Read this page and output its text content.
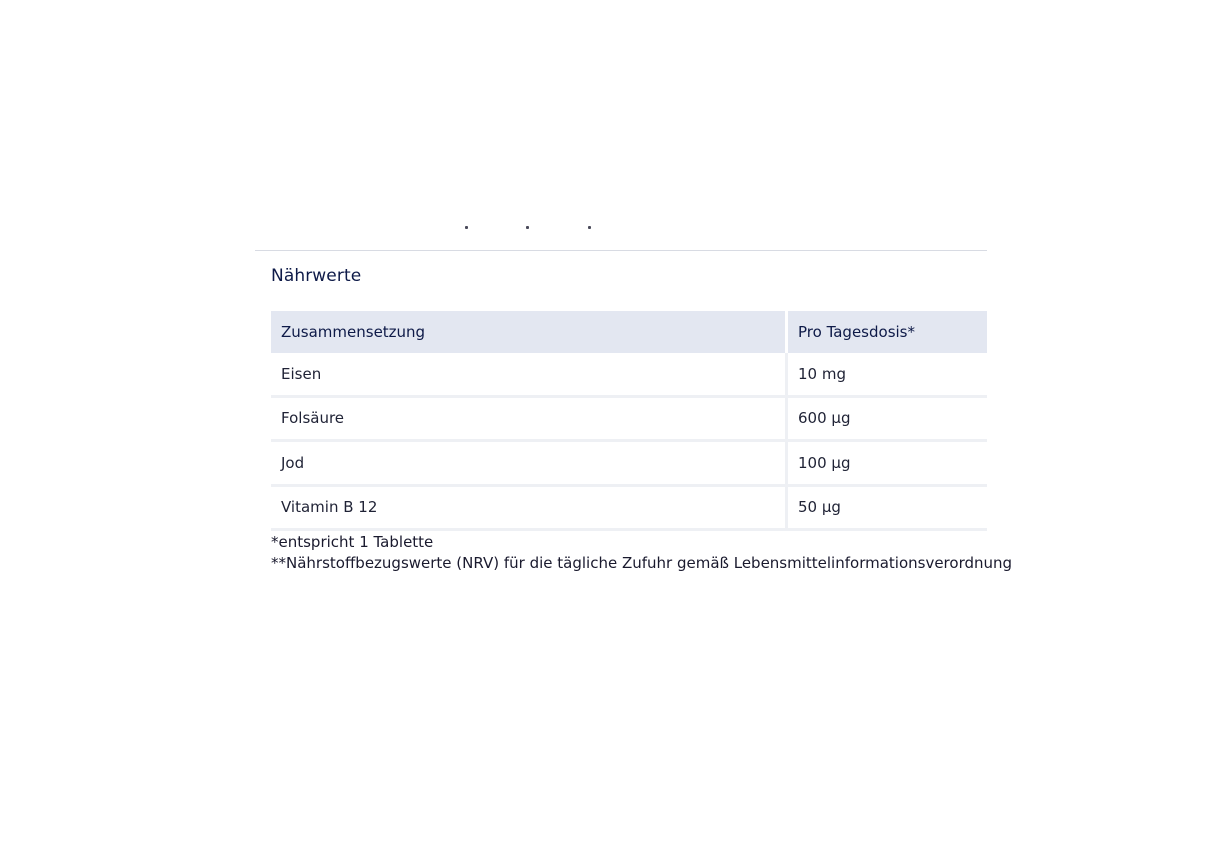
Nährwerte
Zusammensetzung	Pro Tagesdosis*
Eisen	10 mg
Folsäure	600 µg
Jod	100 µg
Vitamin B 12	50 µg
*entspricht 1 Tablette
**Nährstoffbezugswerte (NRV) für die tägliche Zufuhr gemäß Lebensmittelinformationsverordnung
